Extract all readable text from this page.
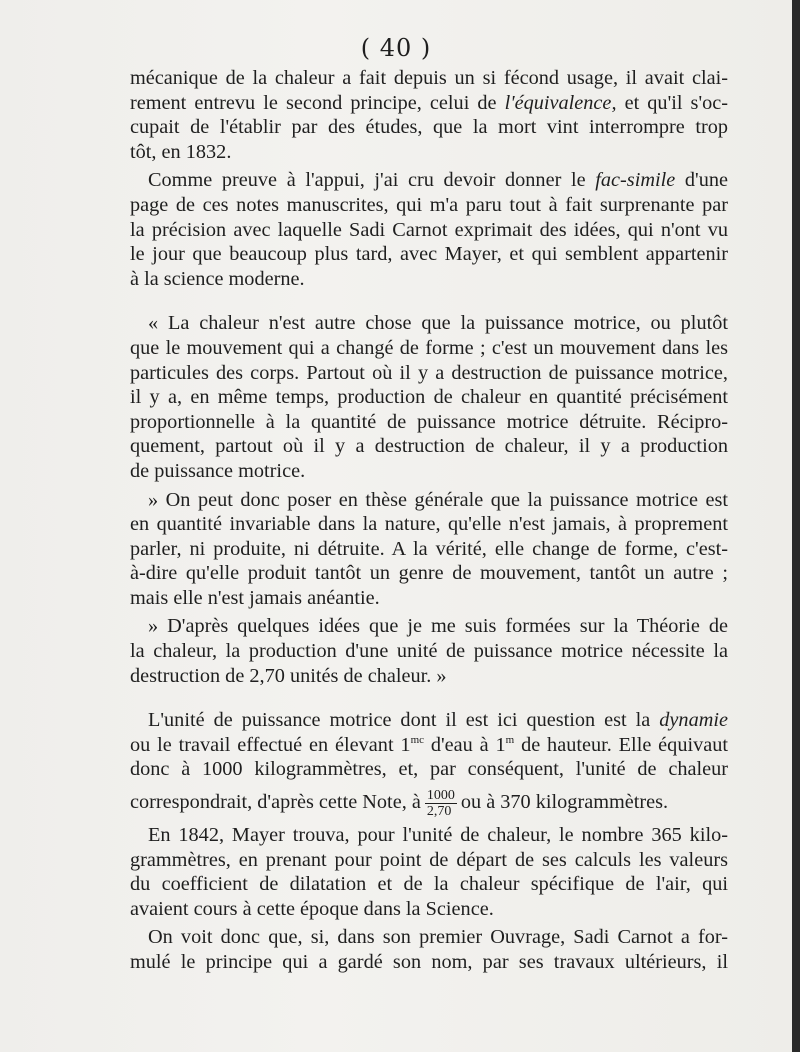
( 40 )

mécanique de la chaleur a fait depuis un si fécond usage, il avait clai-
rement entrevu le second principe, celui de l'équivalence, et qu'il s'oc-
cupait de l'établir par des études, que la mort vint interrompre trop
tôt, en 1832.

Comme preuve à l'appui, j'ai cru devoir donner le fac-simile d'une
page de ces notes manuscrites, qui m'a paru tout à fait surprenante par
la précision avec laquelle Sadi Carnot exprimait des idées, qui n'ont vu
le jour que beaucoup plus tard, avec Mayer, et qui semblent appartenir
à la science moderne.

« La chaleur n'est autre chose que la puissance motrice, ou plutôt
que le mouvement qui a changé de forme ; c'est un mouvement dans les
particules des corps. Partout où il y a destruction de puissance motrice,
il y a, en même temps, production de chaleur en quantité précisément
proportionnelle à la quantité de puissance motrice détruite. Récipro-
quement, partout où il y a destruction de chaleur, il y a production
de puissance motrice.

» On peut donc poser en thèse générale que la puissance motrice est
en quantité invariable dans la nature, qu'elle n'est jamais, à proprement
parler, ni produite, ni détruite. A la vérité, elle change de forme, c'est-
à-dire qu'elle produit tantôt un genre de mouvement, tantôt un autre ;
mais elle n'est jamais anéantie.

» D'après quelques idées que je me suis formées sur la Théorie de
la chaleur, la production d'une unité de puissance motrice nécessite la
destruction de 2,70 unités de chaleur. »

L'unité de puissance motrice dont il est ici question est la dynamie
ou le travail effectué en élevant $1^{mc}$ d'eau à 1$^m$ de hauteur. Elle équivaut
donc à 1000 kilogrammètres, et, par conséquent, l'unité de chaleur
correspondrait, d'après cette Note, à $\frac{1000}{2,70}$ ou à 370 kilogrammètres.

En 1842, Mayer trouva, pour l'unité de chaleur, le nombre 365 kilo-
grammètres, en prenant pour point de départ de ses calculs les valeurs
du coefficient de dilatation et de la chaleur spécifique de l'air, qui
avaient cours à cette époque dans la Science.

On voit donc que, si, dans son premier Ouvrage, Sadi Carnot a for-
mulé le principe qui a gardé son nom, par ses travaux ultérieurs, il
